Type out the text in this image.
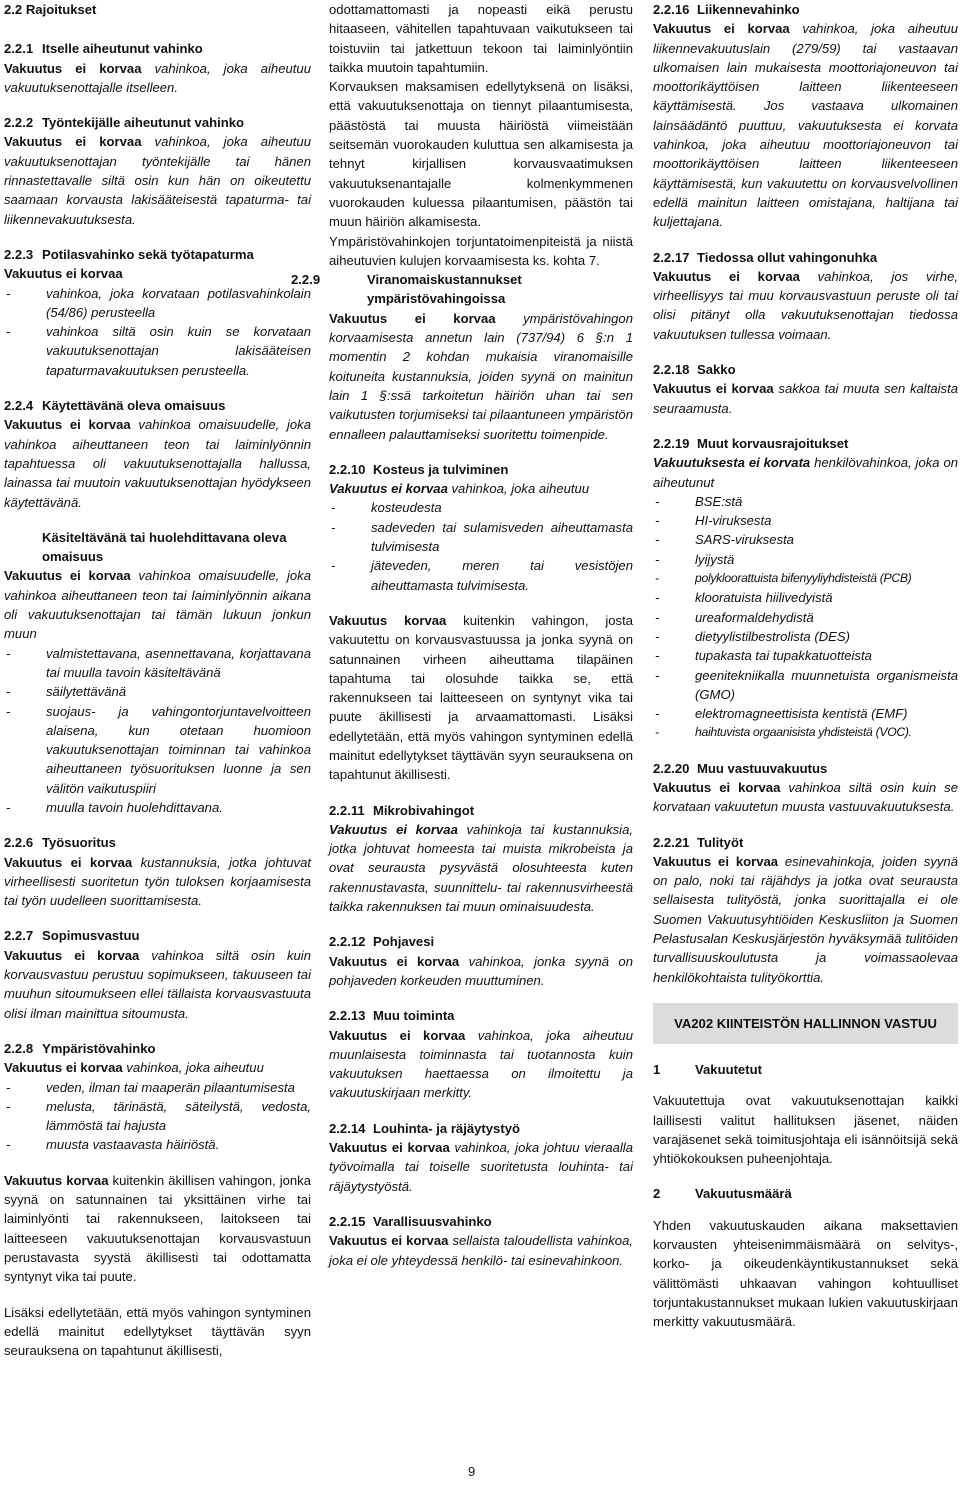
2.2 Rajoitukset
2.2.1 Itselle aiheutunut vahinko

Vakuutus ei korvaa vahinkoa, joka aiheutuu vakuutuksenottajalle itselleen.

2.2.2 Työntekijälle aiheutunut vahinko

Vakuutus ei korvaa vahinkoa, joka aiheutuu vakuutuksenottajan työntekijälle tai hänen rinnastettavalle siltä osin kun hän on oikeutettu saamaan korvausta lakisääteisestä tapaturma- tai liikennevakuutuksesta.

2.2.3 Potilasvahinko sekä työtapaturma
Vakuutus ei korvaa
- vahinkoa, joka korvataan potilasvahinkolain (54/86) perusteella
- vahinkoa siltä osin kuin se korvataan vakuutuksenottajan lakisääteisen tapaturmavakuutuksen perusteella.
2.2.4 Käytettävänä oleva omaisuus

Vakuutus ei korvaa vahinkoa omaisuudelle, joka vahinkoa aiheuttaneen teon tai laiminlyönnin tapahtuessa oli vakuutuksenottajalla hallussa, lainassa tai muutoin vakuutuksenottajan hyödykseen käytettävänä.

Käsiteltävänä tai huolehdittavana oleva omaisuus

Vakuutus ei korvaa vahinkoa omaisuudelle, joka vahinkoa aiheuttaneen teon tai laiminlyönnin aikana oli vakuutuksenottajan tai tämän lukuun jonkun muun

- valmistettavana, asennettavana, korjattavana tai muulla tavoin käsiteltävänä
- säilytettävänä
- suojaus- ja vahingontorjuntavelvoitteen alaisena, kun otetaan huomioon vakuutuksenottajan toiminnan tai vahinkoa aiheuttaneen työsuorituksen luonne ja sen välitön vaikutuspiiri
- muulla tavoin huolehdittavana.
2.2.6 Työsuoritus

Vakuutus ei korvaa kustannuksia, jotka johtuvat virheellisesti suoritetun työn tuloksen korjaamisesta tai työn uudelleen suorittamisesta.

2.2.7 Sopimusvastuu

Vakuutus ei korvaa vahinkoa siltä osin kuin korvausvastuu perustuu sopimukseen, takuuseen tai muuhun sitoumukseen ellei tällaista korvausvastuuta olisi ilman mainittua sitoumusta.

2.2.8 Ympäristövahinko

Vakuutus ei korvaa vahinkoa, joka aiheutuu

- veden, ilman tai maaperän pilaantumisesta
- melusta, tärinästä, säteilystä, vedosta, lämmöstä tai hajusta
- muusta vastaavasta häiriöstä.

Vakuutus korvaa kuitenkin äkillisen vahingon, jonka syynä on satunnainen tai yksittäinen virhe tai laiminlyönti tai rakennukseen, laitokseen tai laitteeseen vakuutuksenottajan korvausvastuun perustavasta syystä äkillisesti tai odottamatta syntynyt vika tai puute.

Lisäksi edellytetään, että myös vahingon syntyminen edellä mainitut edellytykset täyttävän syyn seurauksena on tapahtunut äkillisesti,

odottamattomasti ja nopeasti eikä perustu hitaaseen, vähitellen tapahtuvaan vaikutukseen tai toistuviin tai jatkettuun tekoon tai laiminlyöntiin taikka muutoin tapahtumiin.

Korvauksen maksamisen edellytyksenä on lisäksi, että vakuutuksenottaja on tiennyt pilaantumisesta, päästöstä tai muusta häiriöstä viimeistään seitsemän vuorokauden kuluttua sen alkamisesta ja tehnyt kirjallisen korvausvaatimuksen vakuutuksenantajalle kolmenkymmenen vuorokauden kuluessa pilaantumisen, päästön tai muun häiriön alkamisesta.

Ympäristövahinkojen torjuntatoimenpiteistä ja niistä aiheutuvien kulujen korvaamisesta ks. kohta 7.

2.2.9	Viranomaiskustannukset ympäristövahingoissa

Vakuutus ei korvaa ympäristövahingon korvaamisesta annetun lain (737/94) 6 §:n 1 momentin 2 kohdan mukaisia viranomaisille koituneita kustannuksia, joiden syynä on mainitun lain 1 §:ssä tarkoitetun häiriön uhan tai sen vaikutusten torjumiseksi tai pilaantuneen ympäristön ennalleen palauttamiseksi suoritettu toimenpide.

2.2.10 Kosteus ja tulviminen

Vakuutus ei korvaa vahinkoa, joka aiheutuu

- kosteudesta
- sadeveden tai sulamisveden aiheuttamasta tulvimisesta
- jäteveden, meren tai vesistöjen aiheuttamasta tulvimisesta.

Vakuutus korvaa kuitenkin vahingon, josta vakuutettu on korvausvastuussa ja jonka syynä on satunnainen virheen aiheuttama tilapäinen tapahtuma tai olosuhde taikka se, että rakennukseen tai laitteeseen on syntynyt vika tai puute äkillisesti ja arvaamattomasti. Lisäksi edellytetään, että myös vahingon syntyminen edellä mainitut edellytykset täyttävän syyn seurauksena on tapahtunut äkillisesti.

2.2.11 Mikrobivahingot

Vakuutus ei korvaa vahinkoja tai kustannuksia, jotka johtuvat homeesta tai muista mikrobeista ja ovat seurausta pysyvästä olosuhteesta kuten rakennustavasta, suunnittelu- tai rakennusvirheestä taikka rakennuksen tai muun ominaisuudesta.

2.2.12 Pohjavesi

Vakuutus ei korvaa vahinkoa, jonka syynä on pohjaveden korkeuden muuttuminen.

2.2.13 Muu toiminta

Vakuutus ei korvaa vahinkoa, joka aiheutuu muunlaisesta toiminnasta tai tuotannosta kuin vakuutuksen haettaessa on ilmoitettu ja vakuutuskirjaan merkitty.

2.2.14 Louhinta- ja räjäytystyö

Vakuutus ei korvaa vahinkoa, joka johtuu vieraalla työvoimalla tai toiselle suoritetusta louhinta- tai räjäytystyöstä.

2.2.15 Varallisuusvahinko

Vakuutus ei korvaa sellaista taloudellista vahinkoa, joka ei ole yhteydessä henkilö- tai esinevahinkoon.

2.2.16 Liikennevahinko

Vakuutus ei korvaa vahinkoa, joka aiheutuu liikennevakuutuslain (279/59) tai vastaavan ulkomaisen lain mukaisesta moottoriajoneuvon tai moottorikäyttöisen laitteen liikenteeseen käyttämisestä. Jos vastaava ulkomainen lainsäädäntö puuttuu, vakuutuksesta ei korvata vahinkoa, joka aiheutuu moottoriajoneuvon tai moottorikäyttöisen laitteen liikenteeseen käyttämisestä, kun vakuutettu on korvausvelvollinen edellä mainitun laitteen omistajana, haltijana tai kuljettajana.

2.2.17 Tiedossa ollut vahingonuhka

Vakuutus ei korvaa vahinkoa, jos virhe, virheellisyys tai muu korvausvastuun peruste oli tai olisi pitänyt olla vakuutuksenottajan tiedossa vakuutuksen tullessa voimaan.

2.2.18 Sakko

Vakuutus ei korvaa sakkoa tai muuta sen kaltaista seuraamusta.

2.2.19 Muut korvausrajoitukset

Vakuutuksesta ei korvata henkilövahinkoa, joka on aiheutunut

- BSE:stä
- HI-viruksesta
- SARS-viruksesta
- lyijystä
- polykloorattuista bifenyyliyhdisteistä (PCB)
- klooratuista hiilivedyistä
- ureaformaldehydistä
- dietyylistilbestrolista (DES)
- tupakasta tai tupakkatuotteista
- geenitekniikalla muunnetuista organismeista (GMO)
- elektromagneettisista kentistä (EMF)
- haihtuvista orgaanisista yhdisteistä (VOC).
2.2.20 Muu vastuuvakuutus

Vakuutus ei korvaa vahinkoa siltä osin kuin se korvataan vakuutetun muusta vastuuvakuutuksesta.

2.2.21 Tulityöt

Vakuutus ei korvaa esinevahinkoja, joiden syynä on palo, noki tai räjähdys ja jotka ovat seurausta sellaisesta tulityöstä, jonka suorittajalla ei ole Suomen Vakuutusyhtiöiden Keskusliiton ja Suomen Pelastusalan Keskusjärjestön hyväksymää tulitöiden turvallisuuskoulutusta ja voimassaolevaa henkilökohtaista tulityökorttia.

VA202 KIINTEISTÖN HALLINNON VASTUU
1	Vakuutetut

Vakuutettuja ovat vakuutuksenottajan kaikki laillisesti valitut hallituksen jäsenet, näiden varajäsenet sekä toimitusjohtaja eli isännöitsijä sekä yhtiökokouksen puheenjohtaja.

2	Vakuutusmäärä

Yhden vakuutuskauden aikana maksettavien korvausten yhteisenimmäismäärä on selvitys-, korko- ja oikeudenkäyntikustannukset sekä välittömästi uhkaavan vahingon kohtuulliset torjuntakustannukset mukaan lukien vakuutuskirjaan merkitty vakuutusmäärä.

9
